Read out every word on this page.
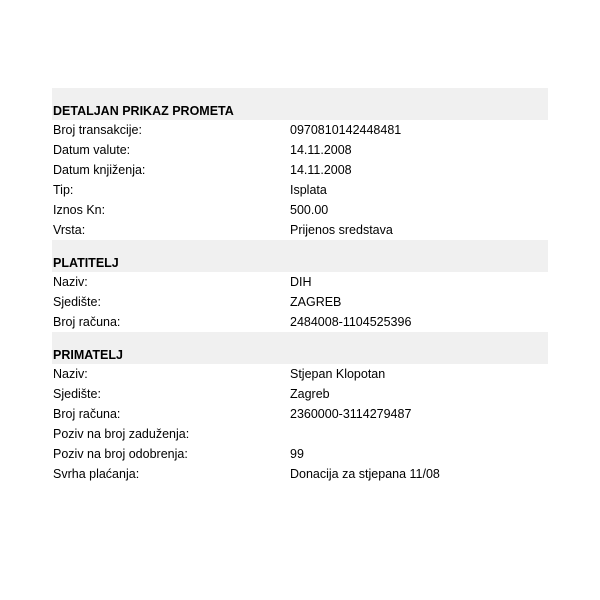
DETALJAN PRIKAZ PROMETA
Broj transakcije:	0970810142448481
Datum valute:	14.11.2008
Datum knjiženja:	14.11.2008
Tip:	Isplata
Iznos Kn:	500.00
Vrsta:	Prijenos sredstava
PLATITELJ
Naziv:	DIH
Sjedište:	ZAGREB
Broj računa:	2484008-1104525396
PRIMATELJ
Naziv:	Stjepan Klopotan
Sjedište:	Zagreb
Broj računa:	2360000-3114279487
Poziv na broj zaduženja:
Poziv na broj odobrenja:	99
Svrha plaćanja:	Donacija za stjepana 11/08
